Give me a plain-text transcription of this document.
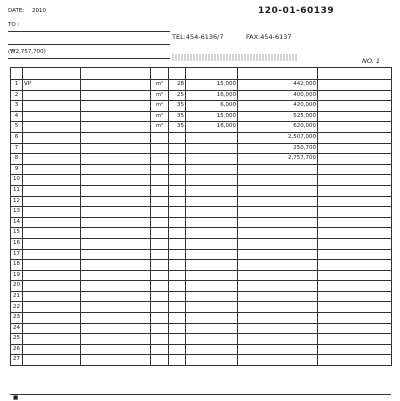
DATE: 2010
TO :
(₩2,757,700)
120-01-60139
TEL:454-6136/7	FAX:454-6137
NO. 1

1	VP		m²	28	15,000	442,000	
2			m²	25	16,000	400,000	
3			m²	35	6,000	420,000	
4			m²	35	15,000	525,000	
5			m²	35	18,000	620,000	
6						2,507,000	
7						250,700	
8						2,757,700	
9							
10							
11							
12							
13							
14							
15							
16							
17							
18							
19							
20							
21							
22							
23							
24							
25							
26							
27							
■
